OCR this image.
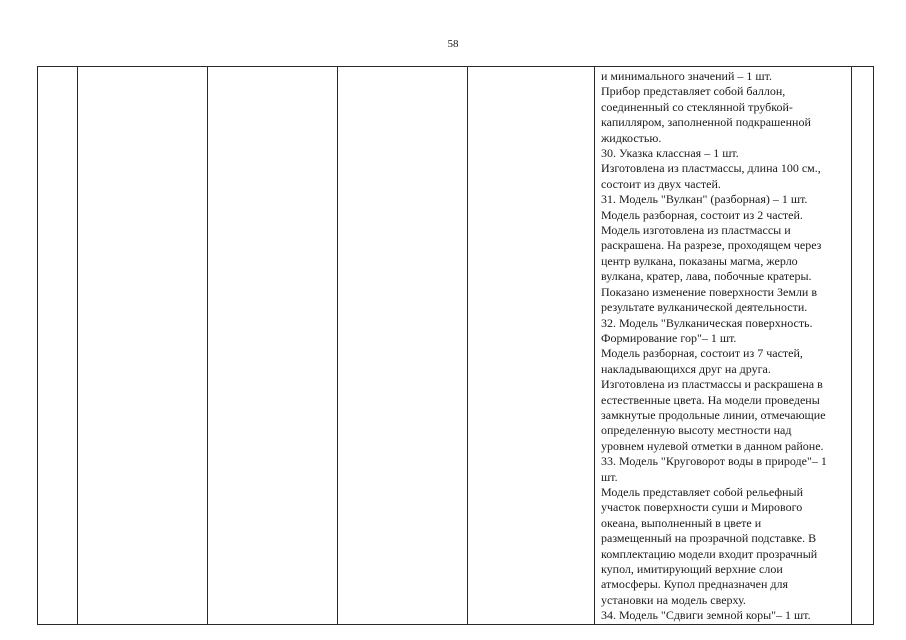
58

и минимального значений – 1 шт.
Прибор представляет собой баллон,
соединенный со стеклянной трубкой-
капилляром, заполненной подкрашенной
жидкостью.
30. Указка классная – 1 шт.
Изготовлена из пластмассы, длина 100 см.,
состоит из двух частей.
31. Модель "Вулкан" (разборная) – 1 шт.
Модель разборная, состоит из 2 частей.
Модель изготовлена из пластмассы и
раскрашена. На разрезе, проходящем через
центр вулкана, показаны магма, жерло
вулкана, кратер, лава, побочные кратеры.
Показано изменение поверхности Земли в
результате вулканической деятельности.
32. Модель "Вулканическая поверхность.
Формирование гор"– 1 шт.
Модель разборная, состоит из 7 частей,
накладывающихся друг на друга.
Изготовлена из пластмассы и раскрашена в
естественные цвета. На модели проведены
замкнутые продольные линии, отмечающие
определенную высоту местности над
уровнем нулевой отметки в данном районе.
33. Модель "Круговорот воды в природе"– 1
шт.
Модель представляет собой рельефный
участок поверхности суши и Мирового
океана, выполненный в цвете и
размещенный на прозрачной подставке. В
комплектацию модели входит прозрачный
купол, имитирующий верхние слои
атмосферы. Купол предназначен для
установки на модель сверху.
34. Модель "Сдвиги земной коры"– 1 шт.
